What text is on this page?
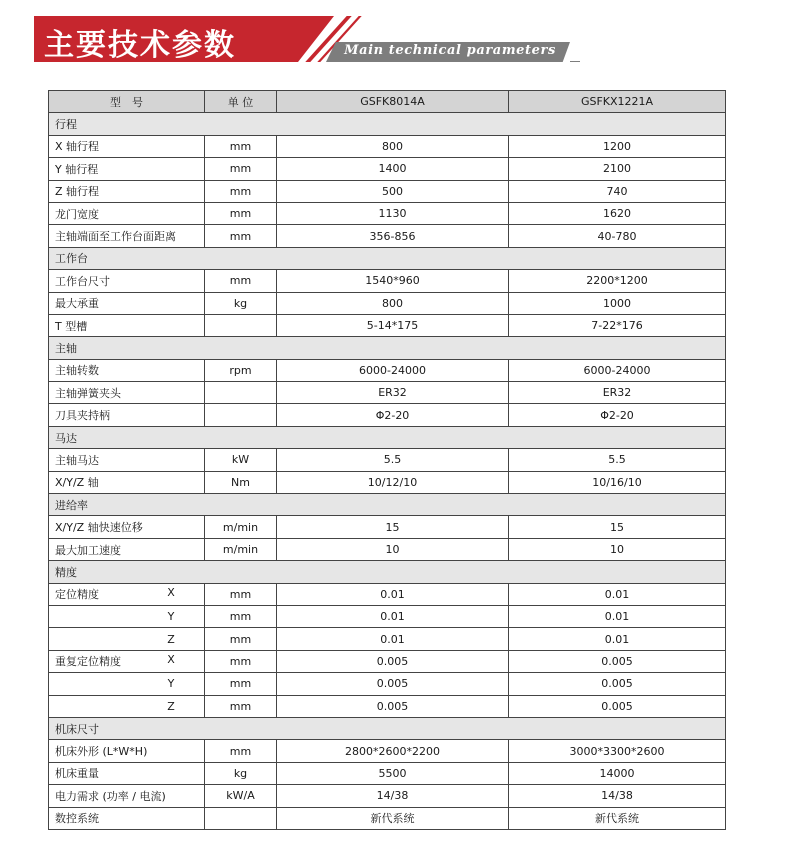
主要技术参数	Main technical parameters
型　号	单 位	GSFK8014A	GSFKX1221A
行程			
X 轴行程	mm	800	1200
Y 轴行程	mm	1400	2100
Z 轴行程	mm	500	740
龙门宽度	mm	1130	1620
主轴端面至工作台面距离	mm	356-856	40-780
工作台			
工作台尺寸	mm	1540*960	2200*1200
最大承重	kg	800	1000
T 型槽		5-14*175	7-22*176
主轴			
主轴转数	rpm	6000-24000	6000-24000
主轴弹簧夹头		ER32	ER32
刀具夹持柄		Φ2-20	Φ2-20
马达			
主轴马达	kW	5.5	5.5
X/Y/Z 轴	Nm	10/12/10	10/16/10
进给率			
X/Y/Z 轴快速位移	m/min	15	15
最大加工速度	m/min	10	10
精度			
定位精度 X	mm	0.01	0.01

Y	mm	0.01	0.01

Z	mm	0.01	0.01
重复定位精度 X	mm	0.005	0.005

Y	mm	0.005	0.005

Z	mm	0.005	0.005
机床尺寸			
机床外形 (L*W*H)	mm	2800*2600*2200	3000*3300*2600
机床重量	kg	5500	14000
电力需求 (功率 / 电流)	kW/A	14/38	14/38
数控系统		新代系统	新代系统
